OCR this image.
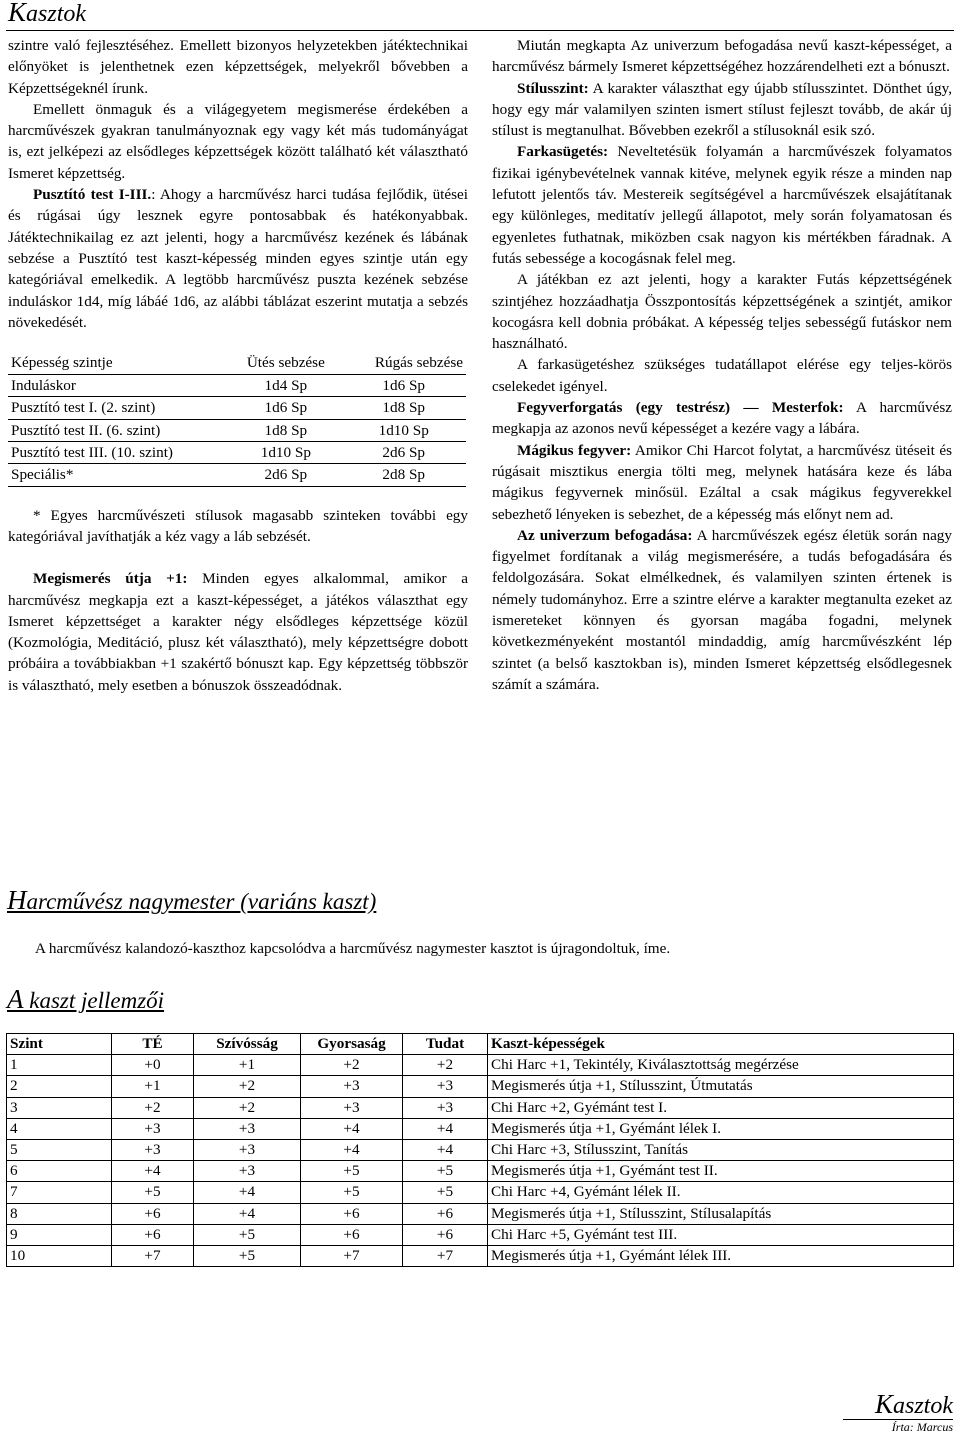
Kasztok

szintre való fejlesztéséhez. Emellett bizonyos helyzetekben játéktechnikai előnyöket is jelenthetnek ezen képzettségek, melyekről bővebben a Képzettségeknél írunk.

Emellett önmaguk és a világegyetem megismerése érdekében a harcművészek gyakran tanulmányoznak egy vagy két más tudományágat is, ezt jelképezi az elsődleges képzettségek között található két választható Ismeret képzettség.

Pusztító test I-III.: Ahogy a harcművész harci tudása fejlődik, ütései és rúgásai úgy lesznek egyre pontosabbak és hatékonyabbak. Játéktechnikailag ez azt jelenti, hogy a harcművész kezének és lábának sebzése a Pusztító test kaszt-képesség minden egyes szintje után egy kategóriával emelkedik. A legtöbb harcművész puszta kezének sebzése induláskor 1d4, míg lábáé 1d6, az alábbi táblázat eszerint mutatja a sebzés növekedését.

Képesség szintje	Ütés sebzése	Rúgás sebzése
Induláskor	1d4 Sp	1d6 Sp
Pusztító test I. (2. szint)	1d6 Sp	1d8 Sp
Pusztító test II. (6. szint)	1d8 Sp	1d10 Sp
Pusztító test III. (10. szint)	1d10 Sp	2d6 Sp
Speciális*	2d6 Sp	2d8 Sp

* Egyes harcművészeti stílusok magasabb szinteken további egy kategóriával javíthatják a kéz vagy a láb sebzését.

Megismerés útja +1: Minden egyes alkalommal, amikor a harcművész megkapja ezt a kaszt-képességet, a játékos választhat egy Ismeret képzettséget a karakter négy elsődleges képzettsége közül (Kozmológia, Meditáció, plusz két választható), mely képzettségre dobott próbáira a továbbiakban +1 szakértő bónuszt kap. Egy képzettség többször is választható, mely esetben a bónuszok összeadódnak.

Miután megkapta Az univerzum befogadása nevű kaszt-képességet, a harcművész bármely Ismeret képzettségéhez hozzárendelheti ezt a bónuszt.

Stílusszint: A karakter választhat egy újabb stílusszintet. Dönthet úgy, hogy egy már valamilyen szinten ismert stílust fejleszt tovább, de akár új stílust is megtanulhat. Bővebben ezekről a stílusoknál esik szó.

Farkasügetés: Neveltetésük folyamán a harcművészek folyamatos fizikai igénybevételnek vannak kitéve, melynek egyik része a minden nap lefutott jelentős táv. Mestereik segítségével a harcművészek elsajátítanak egy különleges, meditatív jellegű állapotot, mely során folyamatosan és egyenletes futhatnak, miközben csak nagyon kis mértékben fáradnak. A futás sebessége a kocogásnak felel meg.

A játékban ez azt jelenti, hogy a karakter Futás képzettségének szintjéhez hozzáadhatja Összpontosítás képzettségének a szintjét, amikor kocogásra kell dobnia próbákat. A képesség teljes sebességű futáskor nem használható.

A farkasügetéshez szükséges tudatállapot elérése egy teljes-körös cselekedet igényel.

Fegyverforgatás (egy testrész) — Mesterfok: A harcművész megkapja az azonos nevű képességet a kezére vagy a lábára.

Mágikus fegyver: Amikor Chi Harcot folytat, a harcművész ütéseit és rúgásait misztikus energia tölti meg, melynek hatására keze és lába mágikus fegyvernek minősül. Ezáltal a csak mágikus fegyverekkel sebezhető lényeken is sebezhet, de a képesség más előnyt nem ad.

Az univerzum befogadása: A harcművészek egész életük során nagy figyelmet fordítanak a világ megismerésére, a tudás befogadására és feldolgozására. Sokat elmélkednek, és valamilyen szinten értenek is némely tudományhoz. Erre a szintre elérve a karakter megtanulta ezeket az ismereteket könnyen és gyorsan magába fogadni, melynek következményeként mostantól mindaddig, amíg harcművészként lép szintet (a belső kasztokban is), minden Ismeret képzettség elsődlegesnek számít a számára.

Harcművész nagymester (variáns kaszt)
A harcművész kalandozó-kaszthoz kapcsolódva a harcművész nagymester kasztot is újragondoltuk, íme.
A kaszt jellemzői
Szint	TÉ	Szívósság	Gyorsaság	Tudat	Kaszt-képességek
1	+0	+1	+2	+2	Chi Harc +1, Tekintély, Kiválasztottság megérzése
2	+1	+2	+3	+3	Megismerés útja +1, Stílusszint, Útmutatás
3	+2	+2	+3	+3	Chi Harc +2, Gyémánt test I.
4	+3	+3	+4	+4	Megismerés útja +1, Gyémánt lélek I.
5	+3	+3	+4	+4	Chi Harc +3, Stílusszint, Tanítás
6	+4	+3	+5	+5	Megismerés útja +1, Gyémánt test II.
7	+5	+4	+5	+5	Chi Harc +4, Gyémánt lélek II.
8	+6	+4	+6	+6	Megismerés útja +1, Stílusszint, Stílusalapítás
9	+6	+5	+6	+6	Chi Harc +5, Gyémánt test III.
10	+7	+5	+7	+7	Megismerés útja +1, Gyémánt lélek III.
Kasztok
Írta: Marcus
